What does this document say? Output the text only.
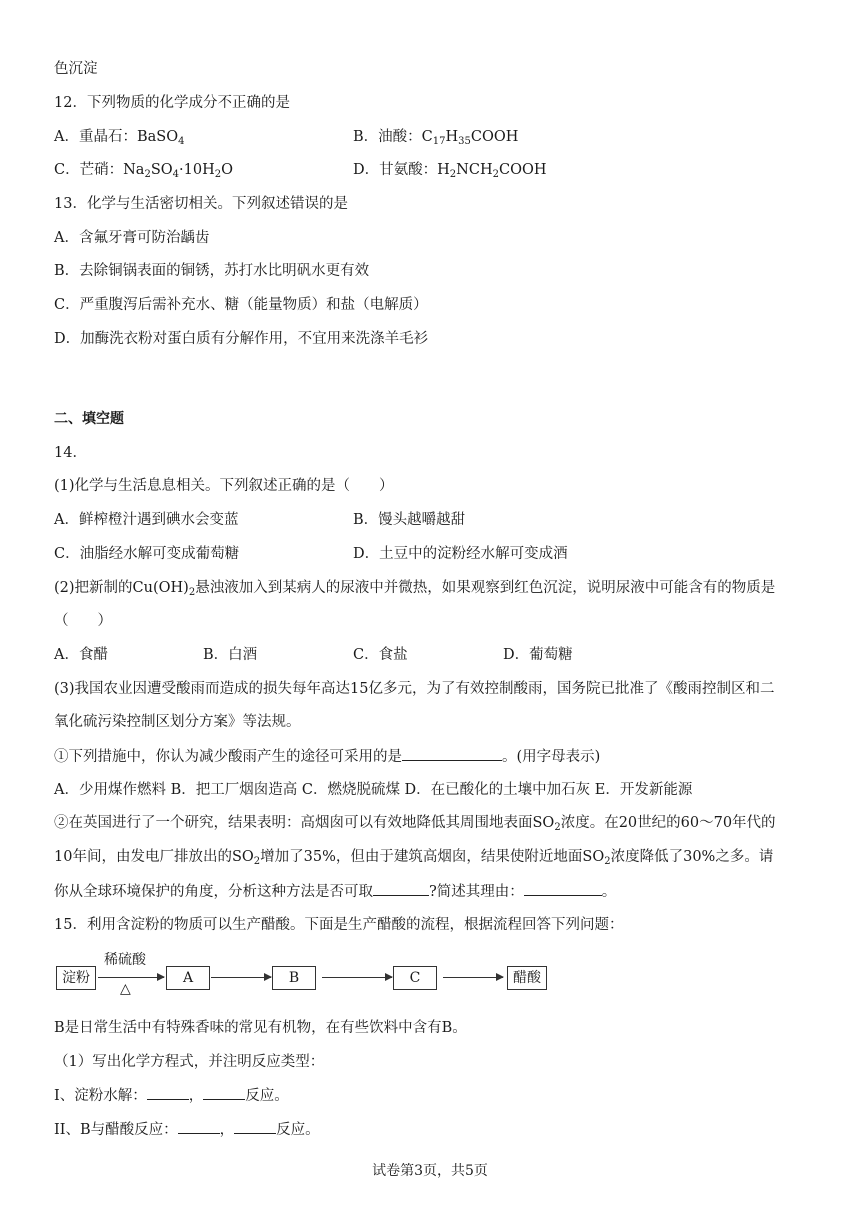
色沉淀
12．下列物质的化学成分不正确的是
A．重晶石：BaSO$_4$	B．油酸：$C_{17}H_{35}COOH$
C．芒硝：$Na_2SO_4\cdot 10H_2O$	D．甘氨酸：$H_2NCH_2COOH$
13．化学与生活密切相关。下列叙述错误的是
A．含氟牙膏可防治龋齿
B．去除铜锅表面的铜锈，苏打水比明矾水更有效
C．严重腹泻后需补充水、糖（能量物质）和盐（电解质）
D．加酶洗衣粉对蛋白质有分解作用，不宜用来洗涤羊毛衫
二、填空题
14．
(1)化学与生活息息相关。下列叙述正确的是（　　）
A．鲜榨橙汁遇到碘水会变蓝	B．馒头越嚼越甜
C．油脂经水解可变成葡萄糖	D．土豆中的淀粉经水解可变成酒
(2)把新制的$Cu(OH)_2$悬浊液加入到某病人的尿液中并微热，如果观察到红色沉淀，说明尿液中可能含有的物质是
（　　）
A．食醋	B．白酒	C．食盐	D．葡萄糖
(3)我国农业因遭受酸雨而造成的损失每年高达15亿多元，为了有效控制酸雨，国务院已批准了《酸雨控制区和二
氧化硫污染控制区划分方案》等法规。
①下列措施中，你认为减少酸雨产生的途径可采用的是	。(用字母表示)
A．少用煤作燃料 B．把工厂烟囱造高 C．燃烧脱硫煤 D．在已酸化的土壤中加石灰 E．开发新能源
②在英国进行了一个研究，结果表明：高烟囱可以有效地降低其周围地表面$SO_2$浓度。在20世纪的60～70年代的
10年间，由发电厂排放出的$SO_2$增加了35%，但由于建筑高烟囱，结果使附近地面$SO_2$浓度降低了30%之多。请
你从全球环境保护的角度，分析这种方法是否可取	?简述其理由：	。
15．利用含淀粉的物质可以生产醋酸。下面是生产醋酸的流程，根据流程回答下列问题：
淀粉
稀硫酸
△
A	B	C	醋酸
B是日常生活中有特殊香味的常见有机物，在有些饮料中含有B。
（1）写出化学方程式，并注明反应类型：
I、淀粉水解：	，	反应。
II、B与醋酸反应：	，	反应。
试卷第3页，共5页
